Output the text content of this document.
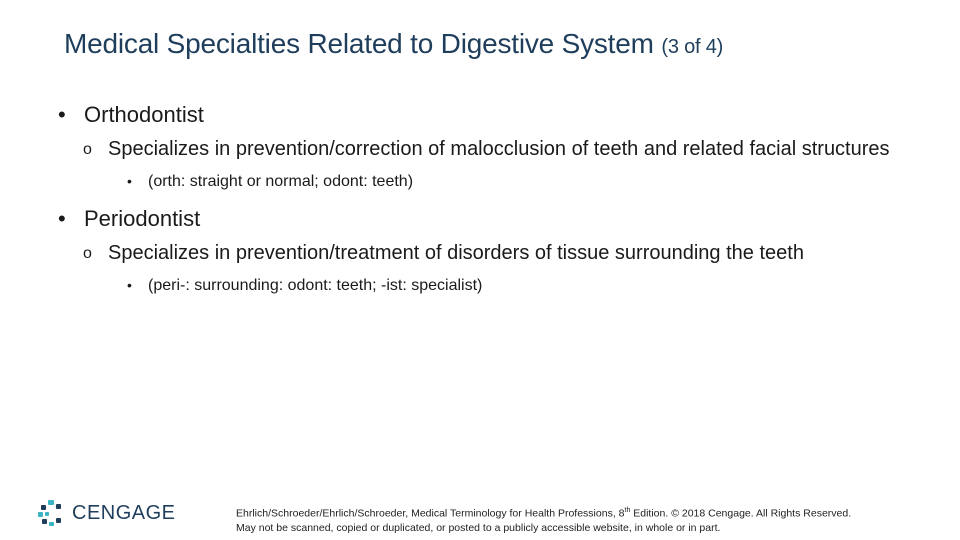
Medical Specialties Related to Digestive System (3 of 4)
• Orthodontist
o Specializes in prevention/correction of malocclusion of teeth and related facial structures
• (orth: straight or normal; odont: teeth)
• Periodontist
o Specializes in prevention/treatment of disorders of tissue surrounding the teeth
• (peri-: surrounding: odont: teeth; -ist: specialist)
CENGAGE	Ehrlich/Schroeder/Ehrlich/Schroeder, Medical Terminology for Health Professions, 8th Edition. © 2018 Cengage. All Rights Reserved.
May not be scanned, copied or duplicated, or posted to a publicly accessible website, in whole or in part.
